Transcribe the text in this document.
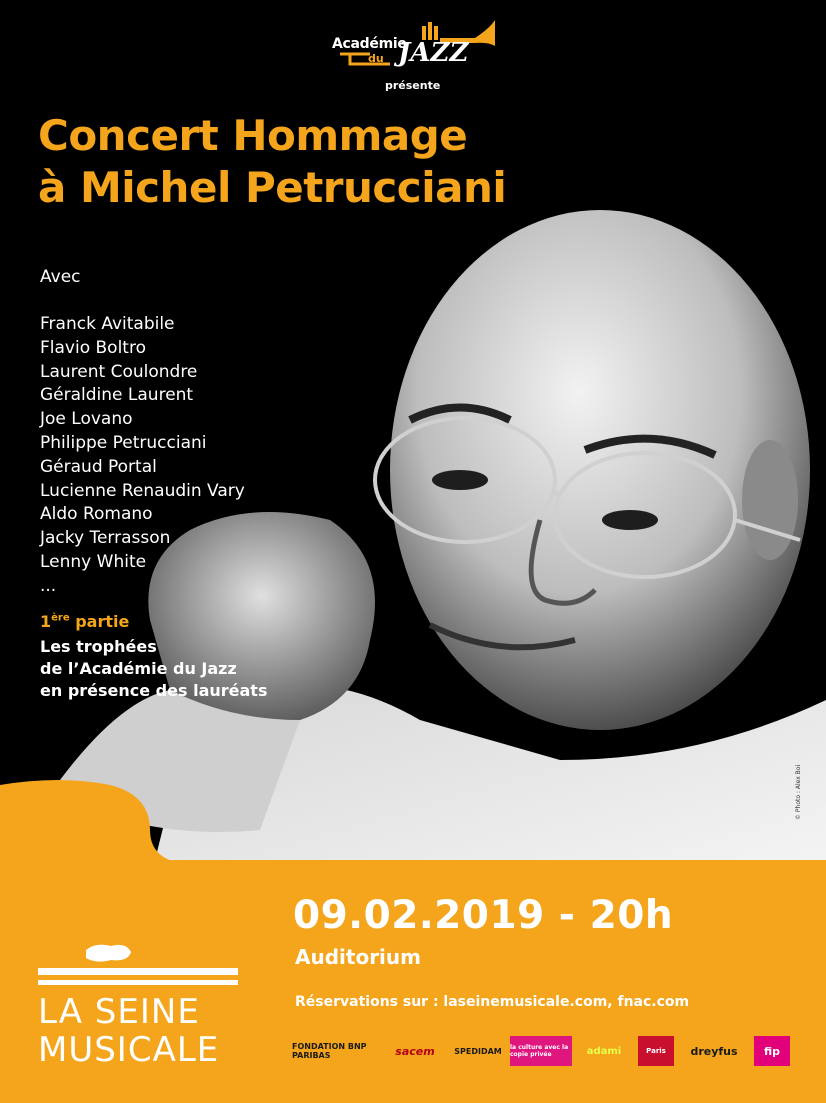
Académie
du JAZZ
présente
Concert Hommage
à Michel Petrucciani
Avec
Franck Avitabile
Flavio Boltro
Laurent Coulondre
Géraldine Laurent
Joe Lovano
Philippe Petrucciani
Géraud Portal
Lucienne Renaudin Vary
Aldo Romano
Jacky Terrasson
Lenny White
...
1ère partie
Les trophées
de l’Académie du Jazz
en présence des lauréats
© Photo : Alex Boi
09.02.2019 - 20h
Auditorium
Réservations sur : laseinemusicale.com, fnac.com
LA SEINE
MUSICALE	FONDATION BNP PARIBAS	sacem	SPEDIDAM la culture avec la copie privée	adami	Paris	dreyfus	fip
